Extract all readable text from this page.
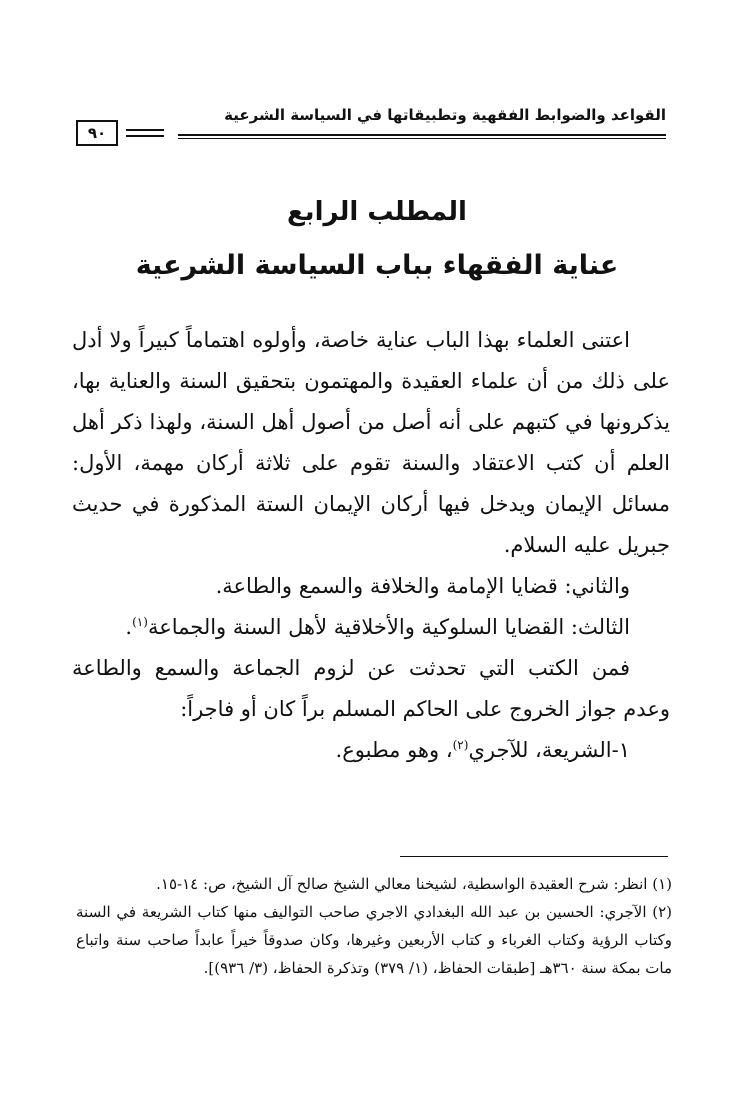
القواعد والضوابط الفقهية وتطبيقاتها في السياسة الشرعية
٩٠
المطلب الرابع
عناية الفقهاء بباب السياسة الشرعية

اعتنى العلماء بهذا الباب عناية خاصة، وأولوه اهتماماً كبيراً ولا أدل على ذلك من أن علماء العقيدة والمهتمون بتحقيق السنة والعناية بها، يذكرونها في كتبهم على أنه أصل من أصول أهل السنة، ولهذا ذكر أهل العلم أن كتب الاعتقاد والسنة تقوم على ثلاثة أركان مهمة، الأول: مسائل الإيمان ويدخل فيها أركان الإيمان الستة المذكورة في حديث جبريل عليه السلام.

والثاني: قضايا الإمامة والخلافة والسمع والطاعة.

الثالث: القضايا السلوكية والأخلاقية لأهل السنة والجماعة$^{(١)}$.

فمن الكتب التي تحدثت عن لزوم الجماعة والسمع والطاعة وعدم جواز الخروج على الحاكم المسلم براً كان أو فاجراً:

١-الشريعة، للآجري$^{(٢)}$، وهو مطبوع.

(١) انظر: شرح العقيدة الواسطية، لشيخنا معالي الشيخ صالح آل الشيخ، ص: ١٤-١٥.

(٢) الآجري: الحسين بن عبد الله البغدادي الاجري صاحب التواليف منها كتاب الشريعة في السنة وكتاب الرؤية وكتاب الغرباء و كتاب الأربعين وغيرها، وكان صدوقاً خيراً عابداً صاحب سنة واتباع مات بمكة سنة ٣٦٠هـ [طبقات الحفاظ، (١/ ٣٧٩) وتذكرة الحفاظ، (٣/ ٩٣٦)].
